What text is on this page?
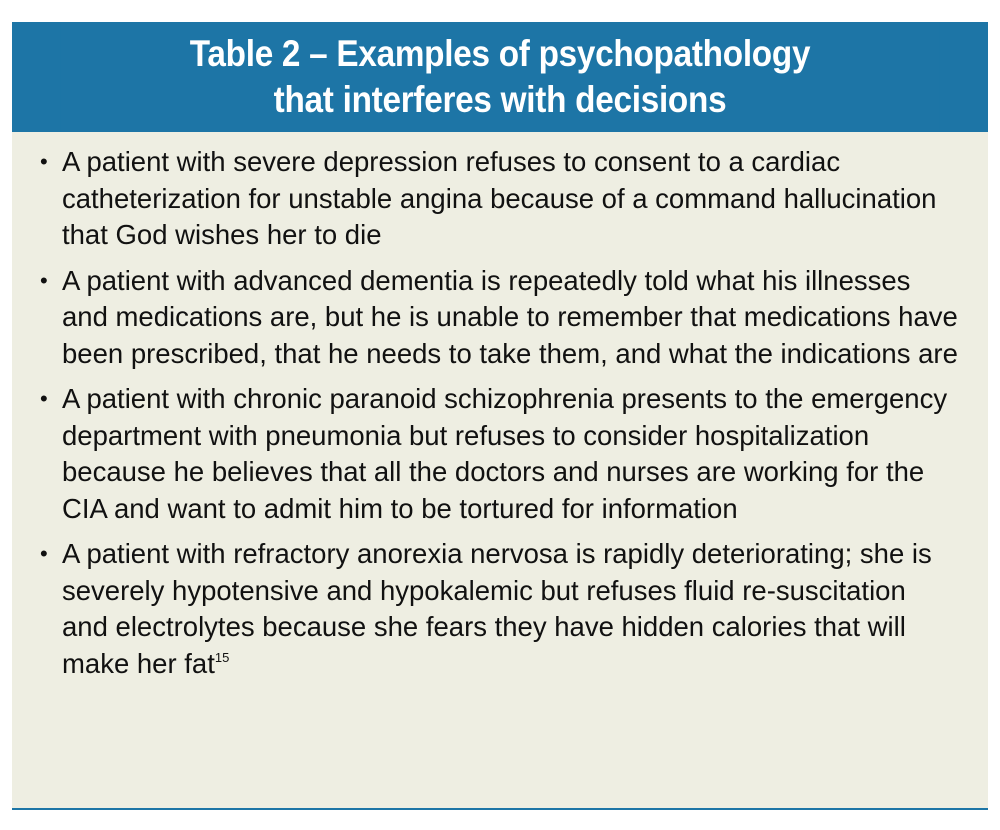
Table 2 – Examples of psychopathology
that interferes with decisions
• A patient with severe depression refuses to consent to a cardiac catheterization for unstable angina because of a command hallucination that God wishes her to die
• A patient with advanced dementia is repeatedly told what his illnesses and medications are, but he is unable to remember that medications have been prescribed, that he needs to take them, and what the indications are
• A patient with chronic paranoid schizophrenia presents to the emergency department with pneumonia but refuses to consider hospitalization because he believes that all the doctors and nurses are working for the CIA and want to admit him to be tortured for information
• A patient with refractory anorexia nervosa is rapidly deteriorating; she is severely hypotensive and hypokalemic but refuses fluid re-suscitation and electrolytes because she fears they have hidden calories that will make her fat$^{15}$
